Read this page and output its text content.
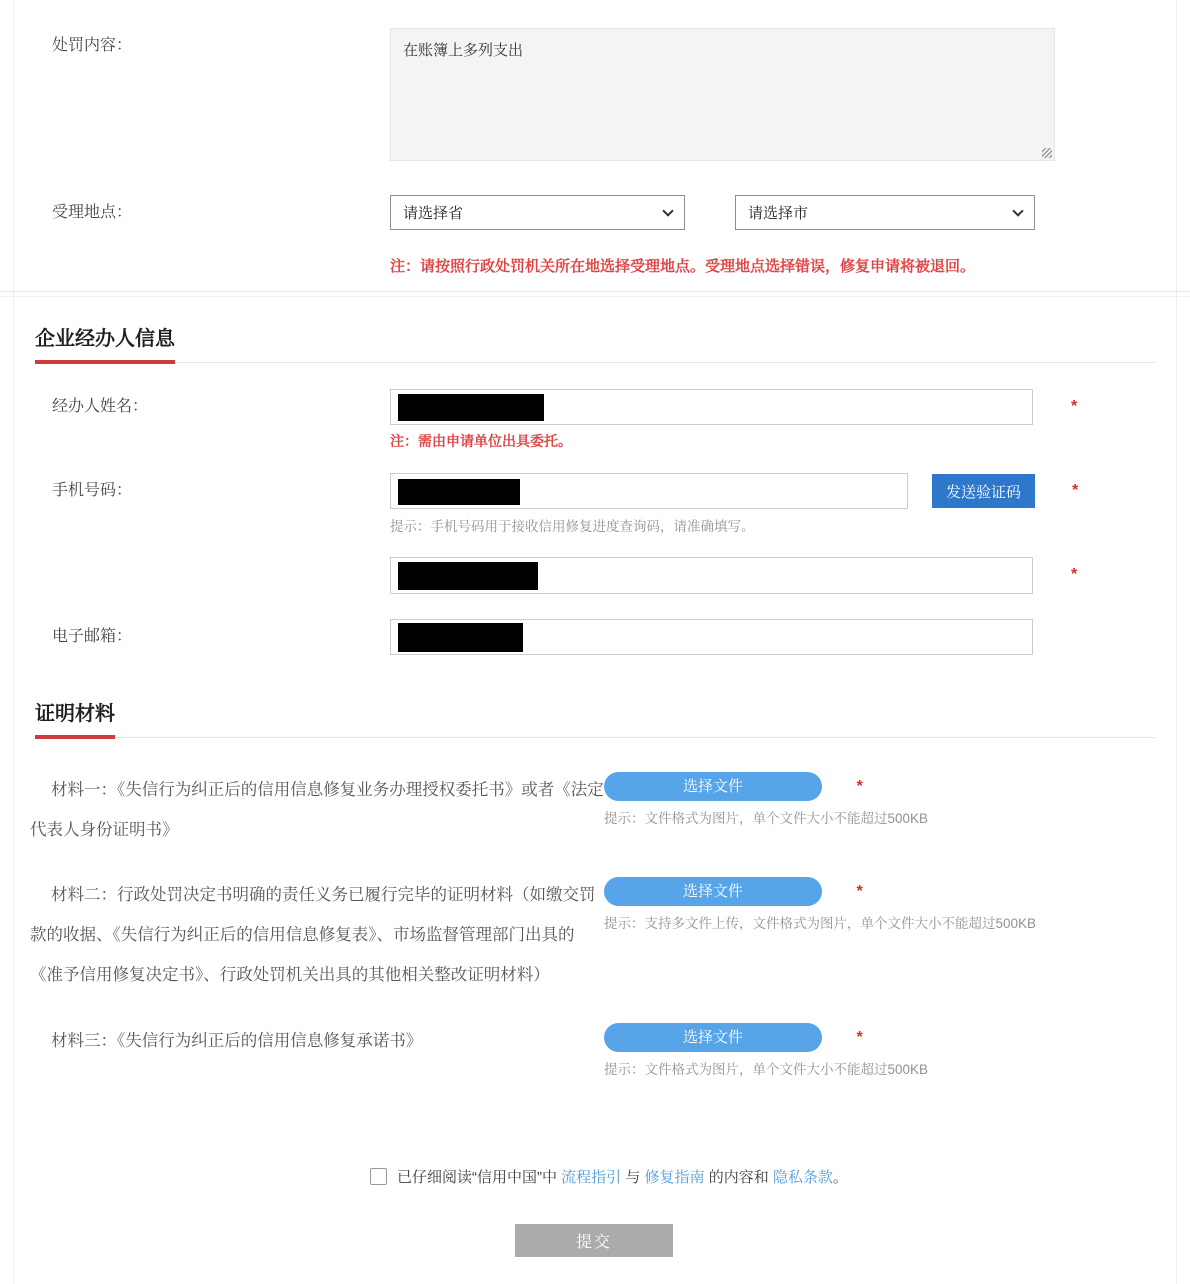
处罚内容：	在账簿上多列支出
受理地点：	请选择省	请选择市
注：请按照行政处罚机关所在地选择受理地点。受理地点选择错误，修复申请将被退回。
企业经办人信息
经办人姓名：	*
注：需由申请单位出具委托。
手机号码：	发送验证码	*
提示：手机号码用于接收信用修复进度查询码，请准确填写。
*
电子邮箱：
证明材料
材料一：《失信行为纠正后的信用信息修复业务办理授权委托书》或者《法定代表人身份证明书》
选择文件	*
提示：文件格式为图片，单个文件大小不能超过500KB
材料二：行政处罚决定书明确的责任义务已履行完毕的证明材料（如缴交罚款的收据、《失信行为纠正后的信用信息修复表》、市场监督管理部门出具的《准予信用修复决定书》、行政处罚机关出具的其他相关整改证明材料）
选择文件	*
提示：支持多文件上传，文件格式为图片，单个文件大小不能超过500KB
材料三：《失信行为纠正后的信用信息修复承诺书》	选择文件	*
提示：文件格式为图片，单个文件大小不能超过500KB
已仔细阅读“信用中国”中 流程指引 与 修复指南 的内容和 隐私条款 。
提交
